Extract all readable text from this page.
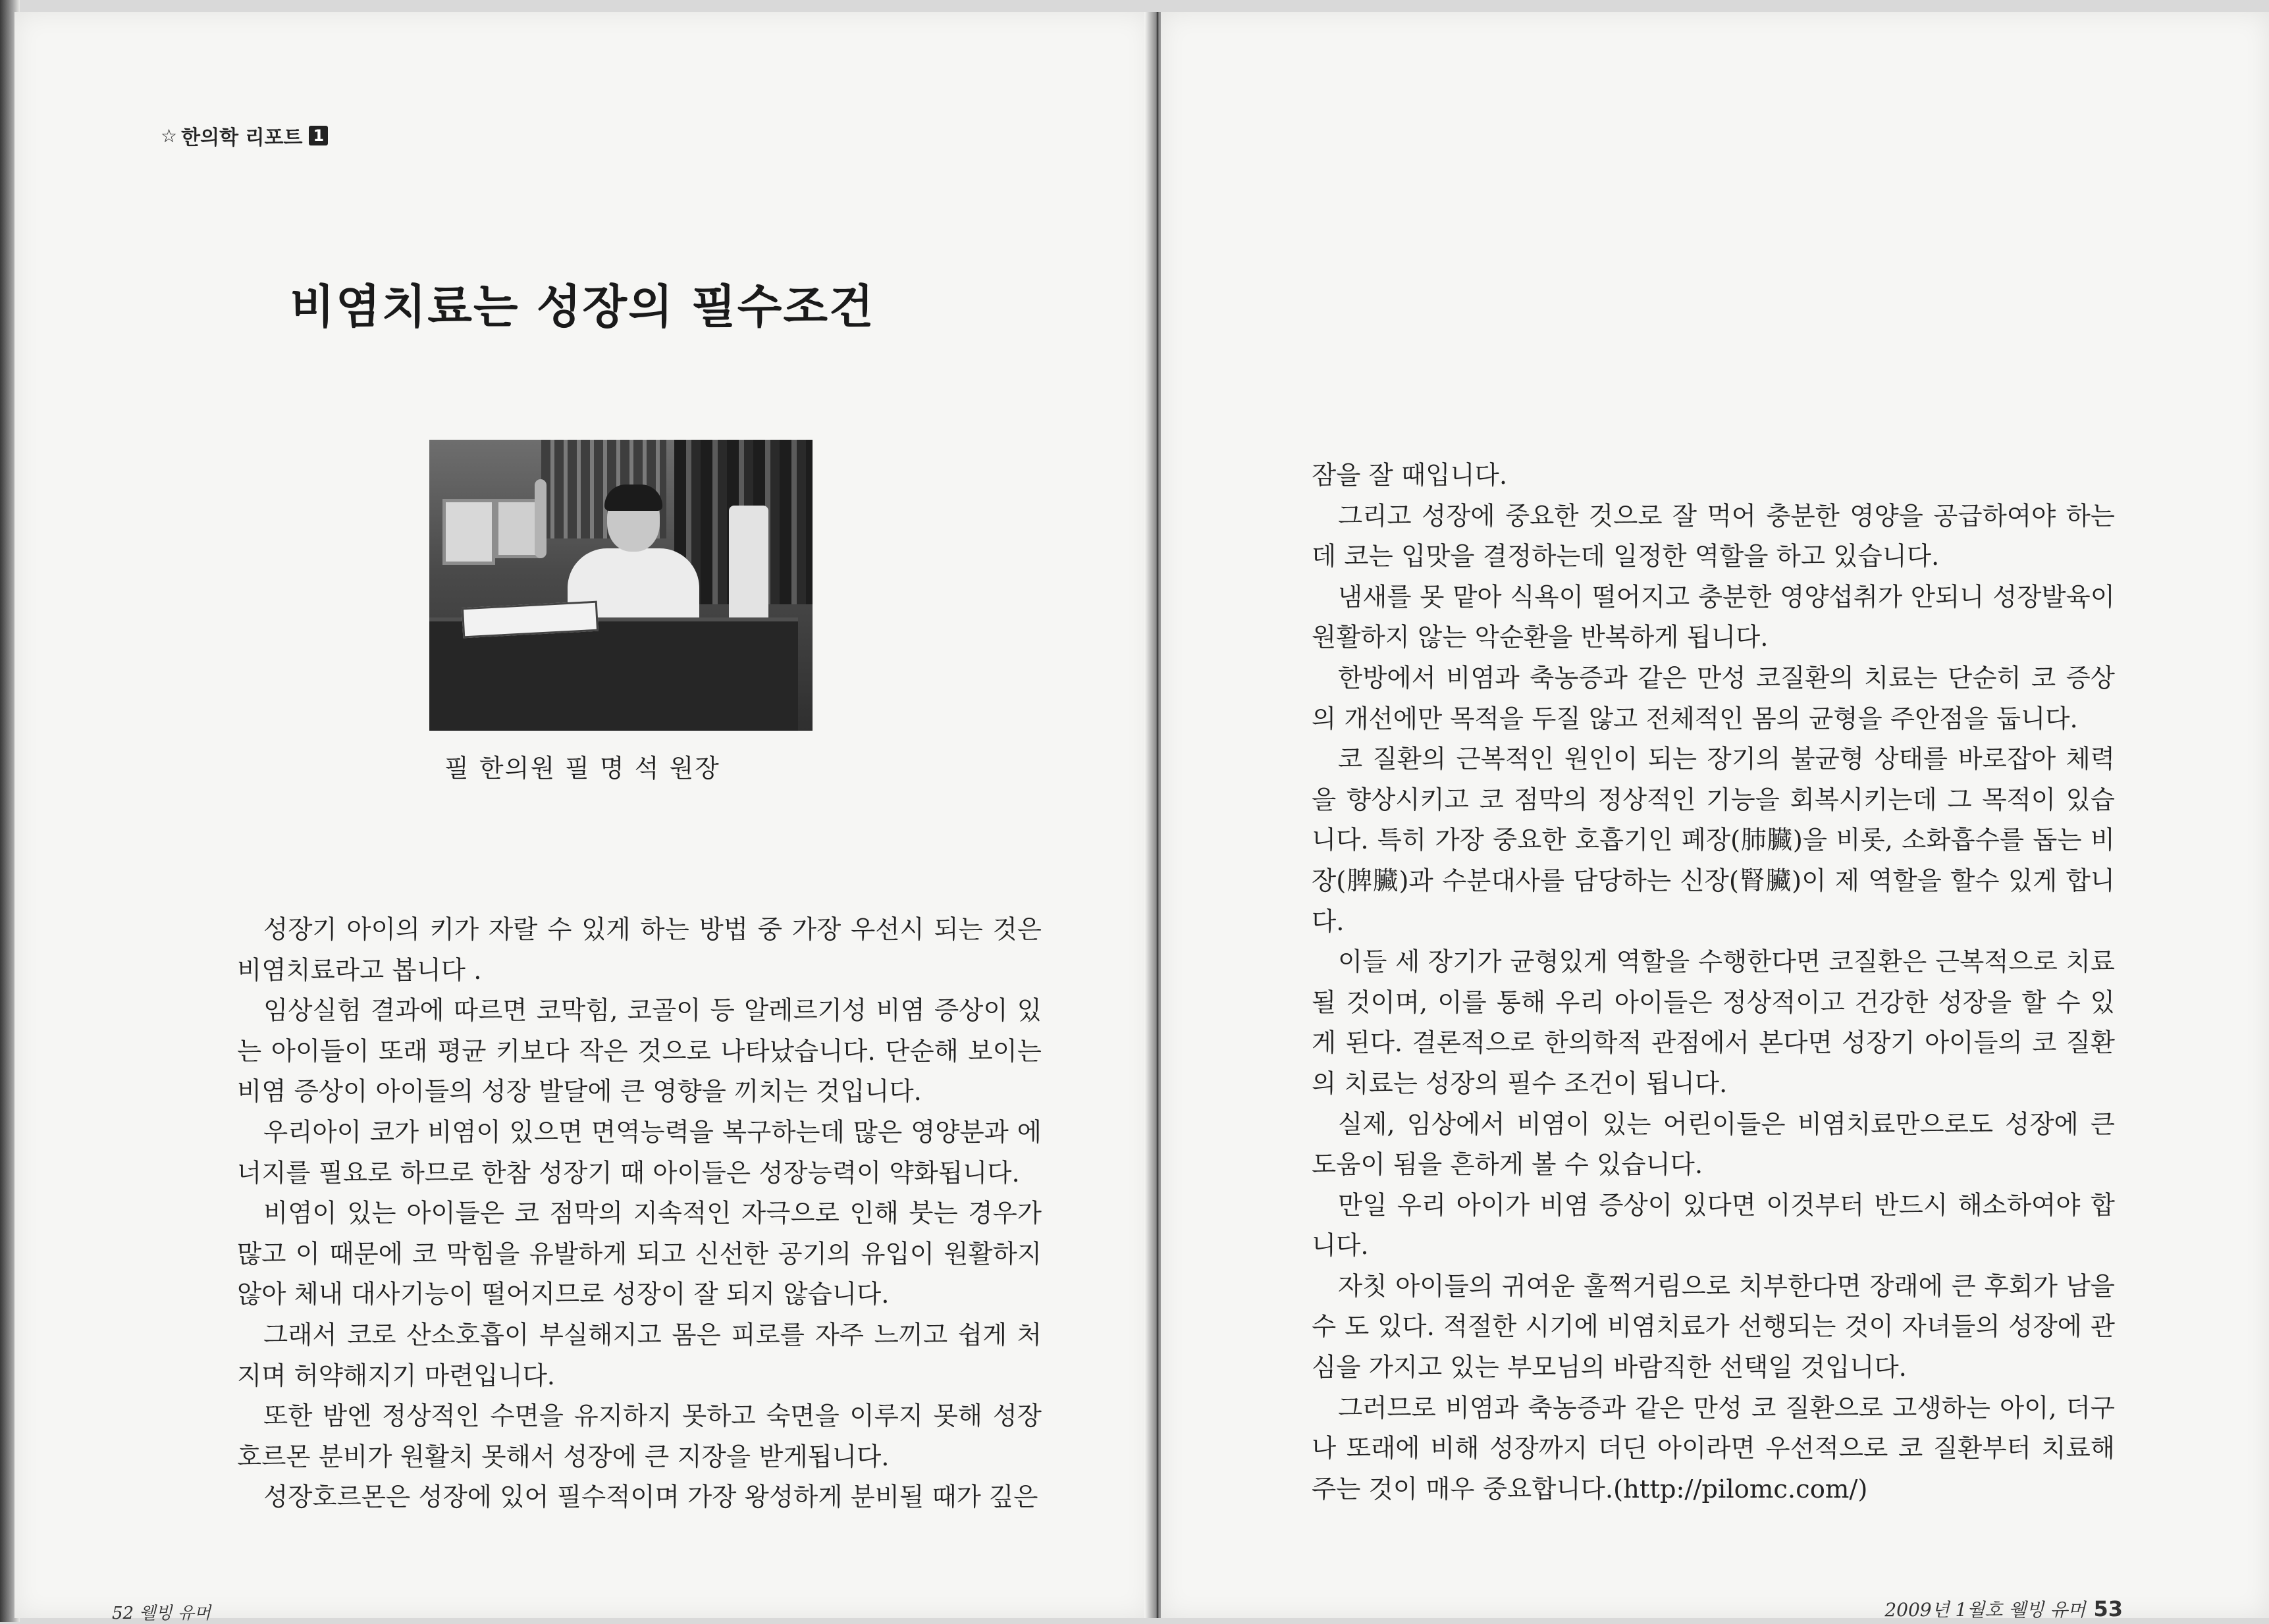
☆ 한의학 리포트 1
비염치료는 성장의 필수조건
필 한의원 필 명 석 원장

성장기 아이의 키가 자랄 수 있게 하는 방법 중 가장 우선시 되는 것은 비염치료라고 봅니다 .

임상실험 결과에 따르면 코막힘, 코골이 등 알레르기성 비염 증상이 있는 아이들이 또래 평균 키보다 작은 것으로 나타났습니다. 단순해 보이는 비염 증상이 아이들의 성장 발달에 큰 영향을 끼치는 것입니다.

우리아이 코가 비염이 있으면 면역능력을 복구하는데 많은 영양분과 에너지를 필요로 하므로 한참 성장기 때 아이들은 성장능력이 약화됩니다.

비염이 있는 아이들은 코 점막의 지속적인 자극으로 인해 붓는 경우가 많고 이 때문에 코 막힘을 유발하게 되고 신선한 공기의 유입이 원활하지 않아 체내 대사기능이 떨어지므로 성장이 잘 되지 않습니다.

그래서 코로 산소호흡이 부실해지고 몸은 피로를 자주 느끼고 쉽게 처지며 허약해지기 마련입니다.

또한 밤엔 정상적인 수면을 유지하지 못하고 숙면을 이루지 못해 성장호르몬 분비가 원활치 못해서 성장에 큰 지장을 받게됩니다.

성장호르몬은 성장에 있어 필수적이며 가장 왕성하게 분비될 때가 깊은

52 웰빙 유머

잠을 잘 때입니다.

그리고 성장에 중요한 것으로 잘 먹어 충분한 영양을 공급하여야 하는데 코는 입맛을 결정하는데 일정한 역할을 하고 있습니다.

냄새를 못 맡아 식욕이 떨어지고 충분한 영양섭취가 안되니 성장발육이 원활하지 않는 악순환을 반복하게 됩니다.

한방에서 비염과 축농증과 같은 만성 코질환의 치료는 단순히 코 증상의 개선에만 목적을 두질 않고 전체적인 몸의 균형을 주안점을 둡니다.

코 질환의 근복적인 원인이 되는 장기의 불균형 상태를 바로잡아 체력을 향상시키고 코 점막의 정상적인 기능을 회복시키는데 그 목적이 있습니다. 특히 가장 중요한 호흡기인 폐장(肺臟)을 비롯, 소화흡수를 돕는 비장(脾臟)과 수분대사를 담당하는 신장(腎臟)이 제 역할을 할수 있게 합니다.

이들 세 장기가 균형있게 역할을 수행한다면 코질환은 근복적으로 치료될 것이며, 이를 통해 우리 아이들은 정상적이고 건강한 성장을 할 수 있게 된다. 결론적으로 한의학적 관점에서 본다면 성장기 아이들의 코 질환의 치료는 성장의 필수 조건이 됩니다.

실제, 임상에서 비염이 있는 어린이들은 비염치료만으로도 성장에 큰 도움이 됨을 흔하게 볼 수 있습니다.

만일 우리 아이가 비염 증상이 있다면 이것부터 반드시 해소하여야 합니다.

자칫 아이들의 귀여운 훌쩍거림으로 치부한다면 장래에 큰 후회가 남을 수 도 있다. 적절한 시기에 비염치료가 선행되는 것이 자녀들의 성장에 관심을 가지고 있는 부모님의 바람직한 선택일 것입니다.

그러므로 비염과 축농증과 같은 만성 코 질환으로 고생하는 아이, 더구나 또래에 비해 성장까지 더딘 아이라면 우선적으로 코 질환부터 치료해 주는 것이 매우 중요합니다.(http://pilomc.com/)

2009년 1월호 웰빙 유머 53
